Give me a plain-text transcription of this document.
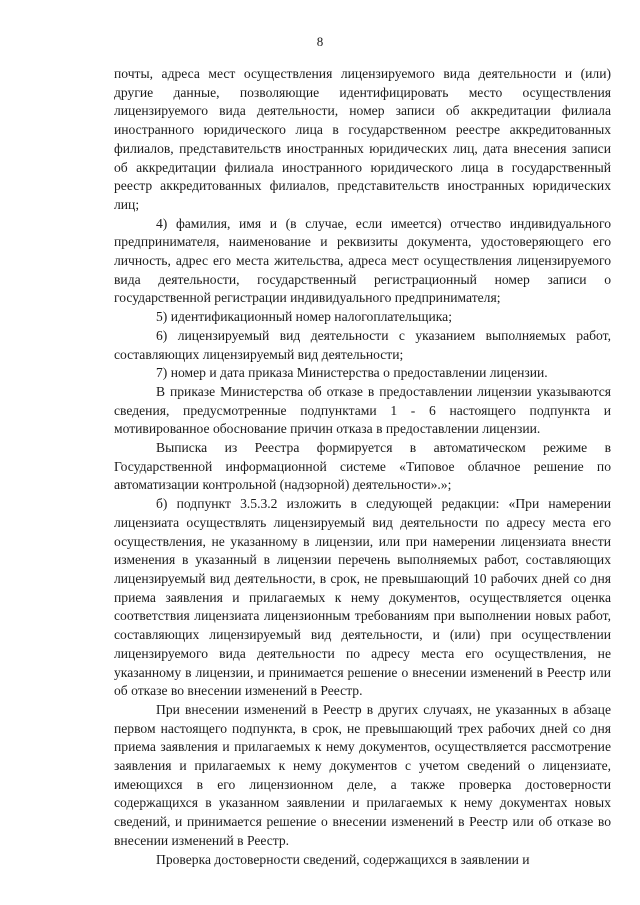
8

почты, адреса мест осуществления лицензируемого вида деятельности и (или) другие данные, позволяющие идентифицировать место осуществления лицензируемого вида деятельности, номер записи об аккредитации филиала иностранного юридического лица в государственном реестре аккредитованных филиалов, представительств иностранных юридических лиц, дата внесения записи об аккредитации филиала иностранного юридического лица в государственный реестр аккредитованных филиалов, представительств иностранных юридических лиц;

4) фамилия, имя и (в случае, если имеется) отчество индивидуального предпринимателя, наименование и реквизиты документа, удостоверяющего его личность, адрес его места жительства, адреса мест осуществления лицензируемого вида деятельности, государственный регистрационный номер записи о государственной регистрации индивидуального предпринимателя;

5) идентификационный номер налогоплательщика;

6) лицензируемый вид деятельности с указанием выполняемых работ, составляющих лицензируемый вид деятельности;

7) номер и дата приказа Министерства о предоставлении лицензии.

В приказе Министерства об отказе в предоставлении лицензии указываются сведения, предусмотренные подпунктами 1 - 6 настоящего подпункта и мотивированное обоснование причин отказа в предоставлении лицензии.

Выписка из Реестра формируется в автоматическом режиме в Государственной информационной системе «Типовое облачное решение по автоматизации контрольной (надзорной) деятельности».»;

б) подпункт 3.5.3.2 изложить в следующей редакции: «При намерении лицензиата осуществлять лицензируемый вид деятельности по адресу места его осуществления, не указанному в лицензии, или при намерении лицензиата внести изменения в указанный в лицензии перечень выполняемых работ, составляющих лицензируемый вид деятельности, в срок, не превышающий 10 рабочих дней со дня приема заявления и прилагаемых к нему документов, осуществляется оценка соответствия лицензиата лицензионным требованиям при выполнении новых работ, составляющих лицензируемый вид деятельности, и (или) при осуществлении лицензируемого вида деятельности по адресу места его осуществления, не указанному в лицензии, и принимается решение о внесении изменений в Реестр или об отказе во внесении изменений в Реестр.

При внесении изменений в Реестр в других случаях, не указанных в абзаце первом настоящего подпункта, в срок, не превышающий трех рабочих дней со дня приема заявления и прилагаемых к нему документов, осуществляется рассмотрение заявления и прилагаемых к нему документов с учетом сведений о лицензиате, имеющихся в его лицензионном деле, а также проверка достоверности содержащихся в указанном заявлении и прилагаемых к нему документах новых сведений, и принимается решение о внесении изменений в Реестр или об отказе во внесении изменений в Реестр.

Проверка достоверности сведений, содержащихся в заявлении и
